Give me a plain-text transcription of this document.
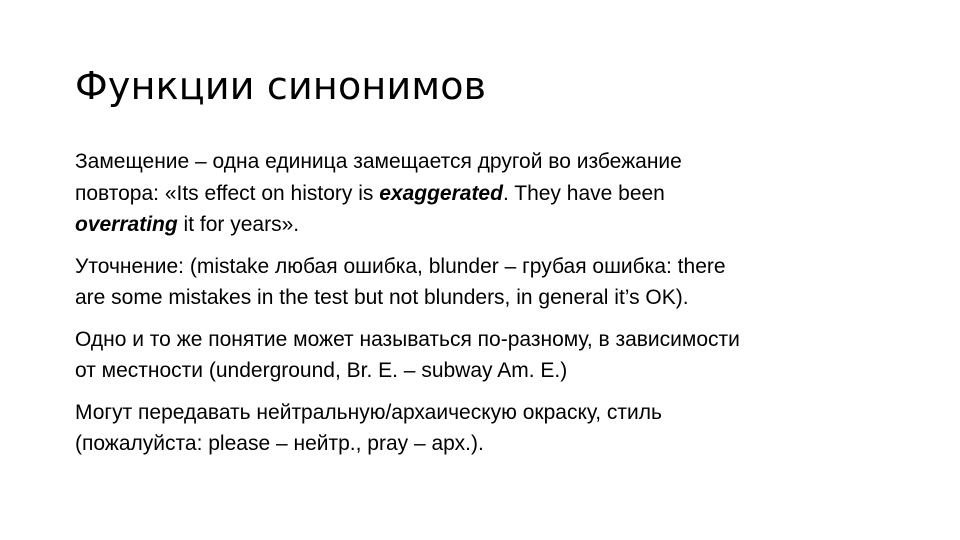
Функции синонимов

Замещение – одна единица замещается другой во избежание
повтора: «Its effect on history is exaggerated. They have been
overrating it for years».

Уточнение: (mistake любая ошибка, blunder – грубая ошибка: there
are some mistakes in the test but not blunders, in general it’s OK).

Одно и то же понятие может называться по-разному, в зависимости
от местности (underground, Br. E. – subway Am. E.)

Могут передавать нейтральную/архаическую окраску, стиль
(пожалуйста: please – нейтр., pray – арх.).
